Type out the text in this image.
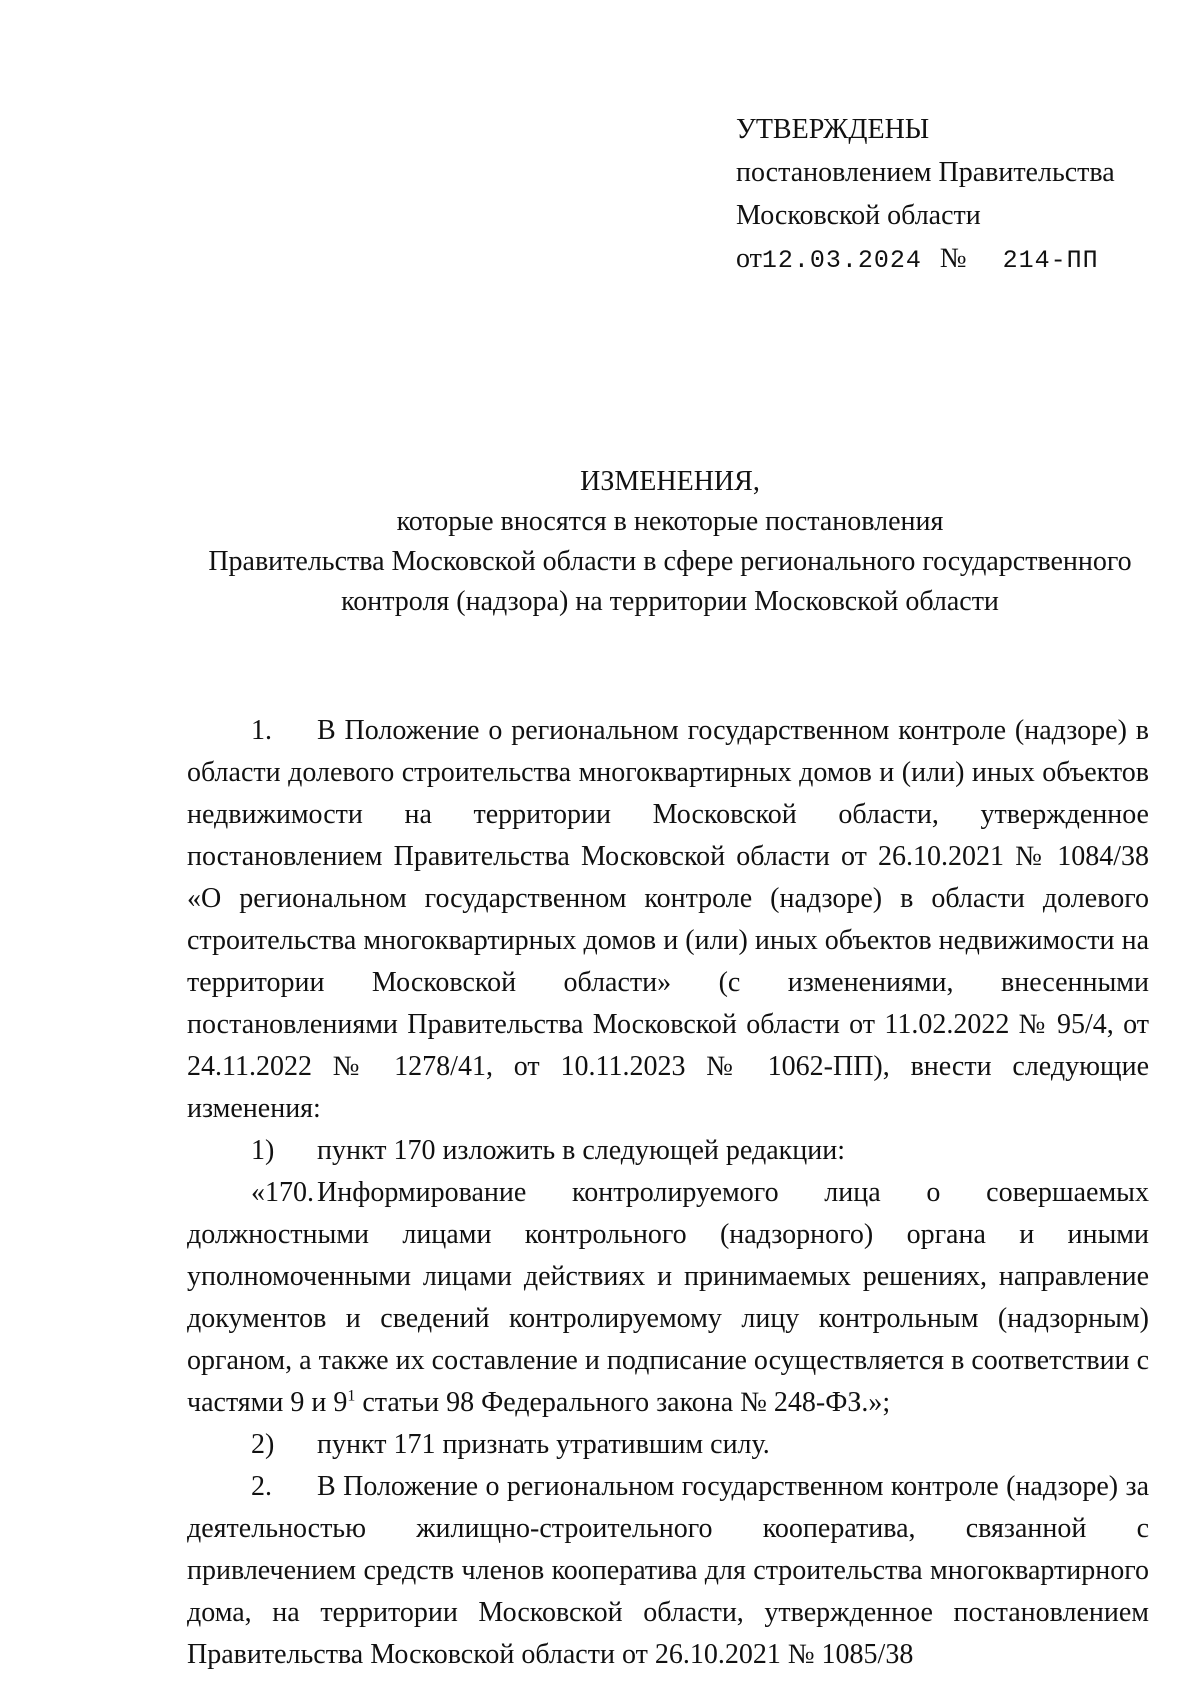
УТВЕРЖДЕНЫ
постановлением Правительства
Московской области
от12.03.2024 № 214-ПП
ИЗМЕНЕНИЯ,
которые вносятся в некоторые постановления
Правительства Московской области в сфере регионального государственного
контроля (надзора) на территории Московской области

1. В Положение о региональном государственном контроле (надзоре) в области долевого строительства многоквартирных домов и (или) иных объектов недвижимости на территории Московской области, утвержденное постановлением Правительства Московской области от 26.10.2021 № 1084/38 «О региональном государственном контроле (надзоре) в области долевого строительства многоквартирных домов и (или) иных объектов недвижимости на территории Московской области» (с изменениями, внесенными постановлениями Правительства Московской области от 11.02.2022 № 95/4, от 24.11.2022 № 1278/41, от 10.11.2023 № 1062-ПП), внести следующие изменения:

1) пункт 170 изложить в следующей редакции:

«170. Информирование контролируемого лица о совершаемых должностными лицами контрольного (надзорного) органа и иными уполномоченными лицами действиях и принимаемых решениях, направление документов и сведений контролируемому лицу контрольным (надзорным) органом, а также их составление и подписание осуществляется в соответствии с частями 9 и $9^1$ статьи 98 Федерального закона № 248-ФЗ.»;

2) пункт 171 признать утратившим силу.

2. В Положение о региональном государственном контроле (надзоре) за деятельностью жилищно-строительного кооператива, связанной с привлечением средств членов кооператива для строительства многоквартирного дома, на территории Московской области, утвержденное постановлением Правительства Московской области от 26.10.2021 № 1085/38
